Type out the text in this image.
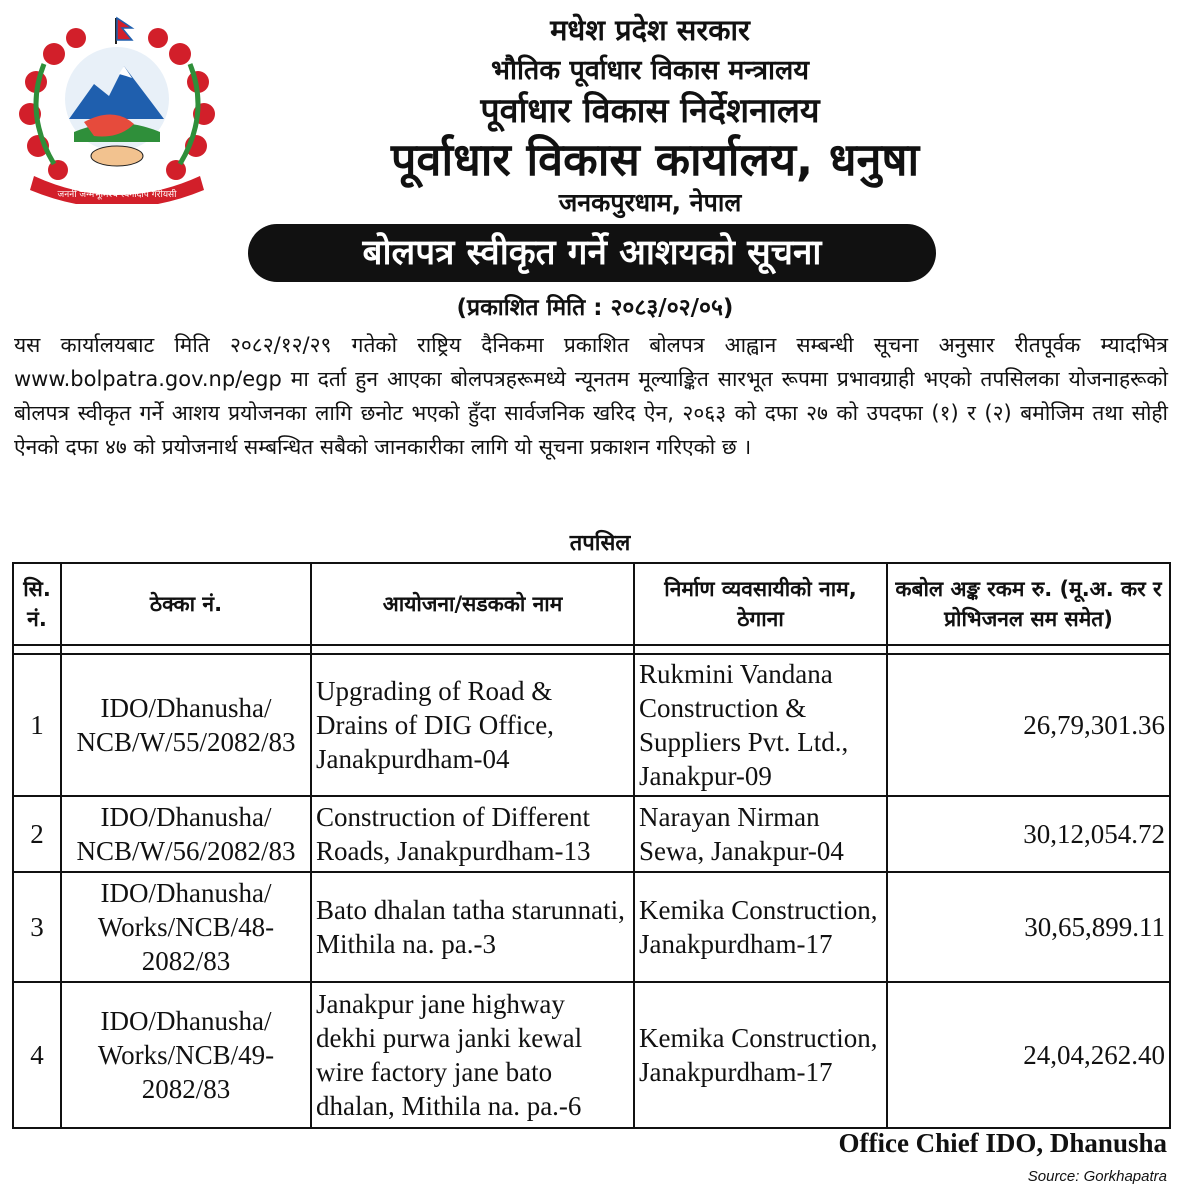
जननी जन्मभूमिश्च स्वर्गादपि गरीयसी
मधेश प्रदेश सरकार
भौतिक पूर्वाधार विकास मन्त्रालय
पूर्वाधार विकास निर्देशनालय
पूर्वाधार विकास कार्यालय, धनुषा
जनकपुरधाम, नेपाल
बोलपत्र स्वीकृत गर्ने आशयको सूचना
(प्रकाशित मिति : २०८३/०२/०५)
यस कार्यालयबाट मिति २०८२/१२/२९ गतेको राष्ट्रिय दैनिकमा प्रकाशित बोलपत्र आह्वान सम्बन्धी सूचना अनुसार रीतपूर्वक म्यादभित्र www.bolpatra.gov.np/egp मा दर्ता हुन आएका बोलपत्रहरूमध्ये न्यूनतम मूल्याङ्कित सारभूत रूपमा प्रभावग्राही भएको तपसिलका योजनाहरूको बोलपत्र स्वीकृत गर्ने आशय प्रयोजनका लागि छनोट भएको हुँदा सार्वजनिक खरिद ऐन, २०६३ को दफा २७ को उपदफा (१) र (२) बमोजिम तथा सोही ऐनको दफा ४७ को प्रयोजनार्थ सम्बन्धित सबैको जानकारीका लागि यो सूचना प्रकाशन गरिएको छ ।
तपसिल
सि. नं.	ठेक्का नं.	आयोजना/सडकको नाम	निर्माण व्यवसायीको नाम, ठेगाना	कबोल अङ्क रकम रु. (मू.अ. कर र प्रोभिजनल सम समेत)

1	IDO/Dhanusha/ NCB/W/55/2082/83	Upgrading of Road & Drains of DIG Office, Janakpurdham-04	Rukmini Vandana Construction & Suppliers Pvt. Ltd., Janakpur-09	26,79,301.36
2	IDO/Dhanusha/ NCB/W/56/2082/83	Construction of Different Roads, Janakpurdham-13	Narayan Nirman Sewa, Janakpur-04	30,12,054.72
3	IDO/Dhanusha/ Works/NCB/48- 2082/83	Bato dhalan tatha starunnati, Mithila na. pa.-3	Kemika Construction, Janakpurdham-17	30,65,899.11
4	IDO/Dhanusha/ Works/NCB/49- 2082/83	Janakpur jane highway dekhi purwa janki kewal wire factory jane bato dhalan, Mithila na. pa.-6	Kemika Construction, Janakpurdham-17	24,04,262.40
Office Chief IDO, Dhanusha
Source: Gorkhapatra
